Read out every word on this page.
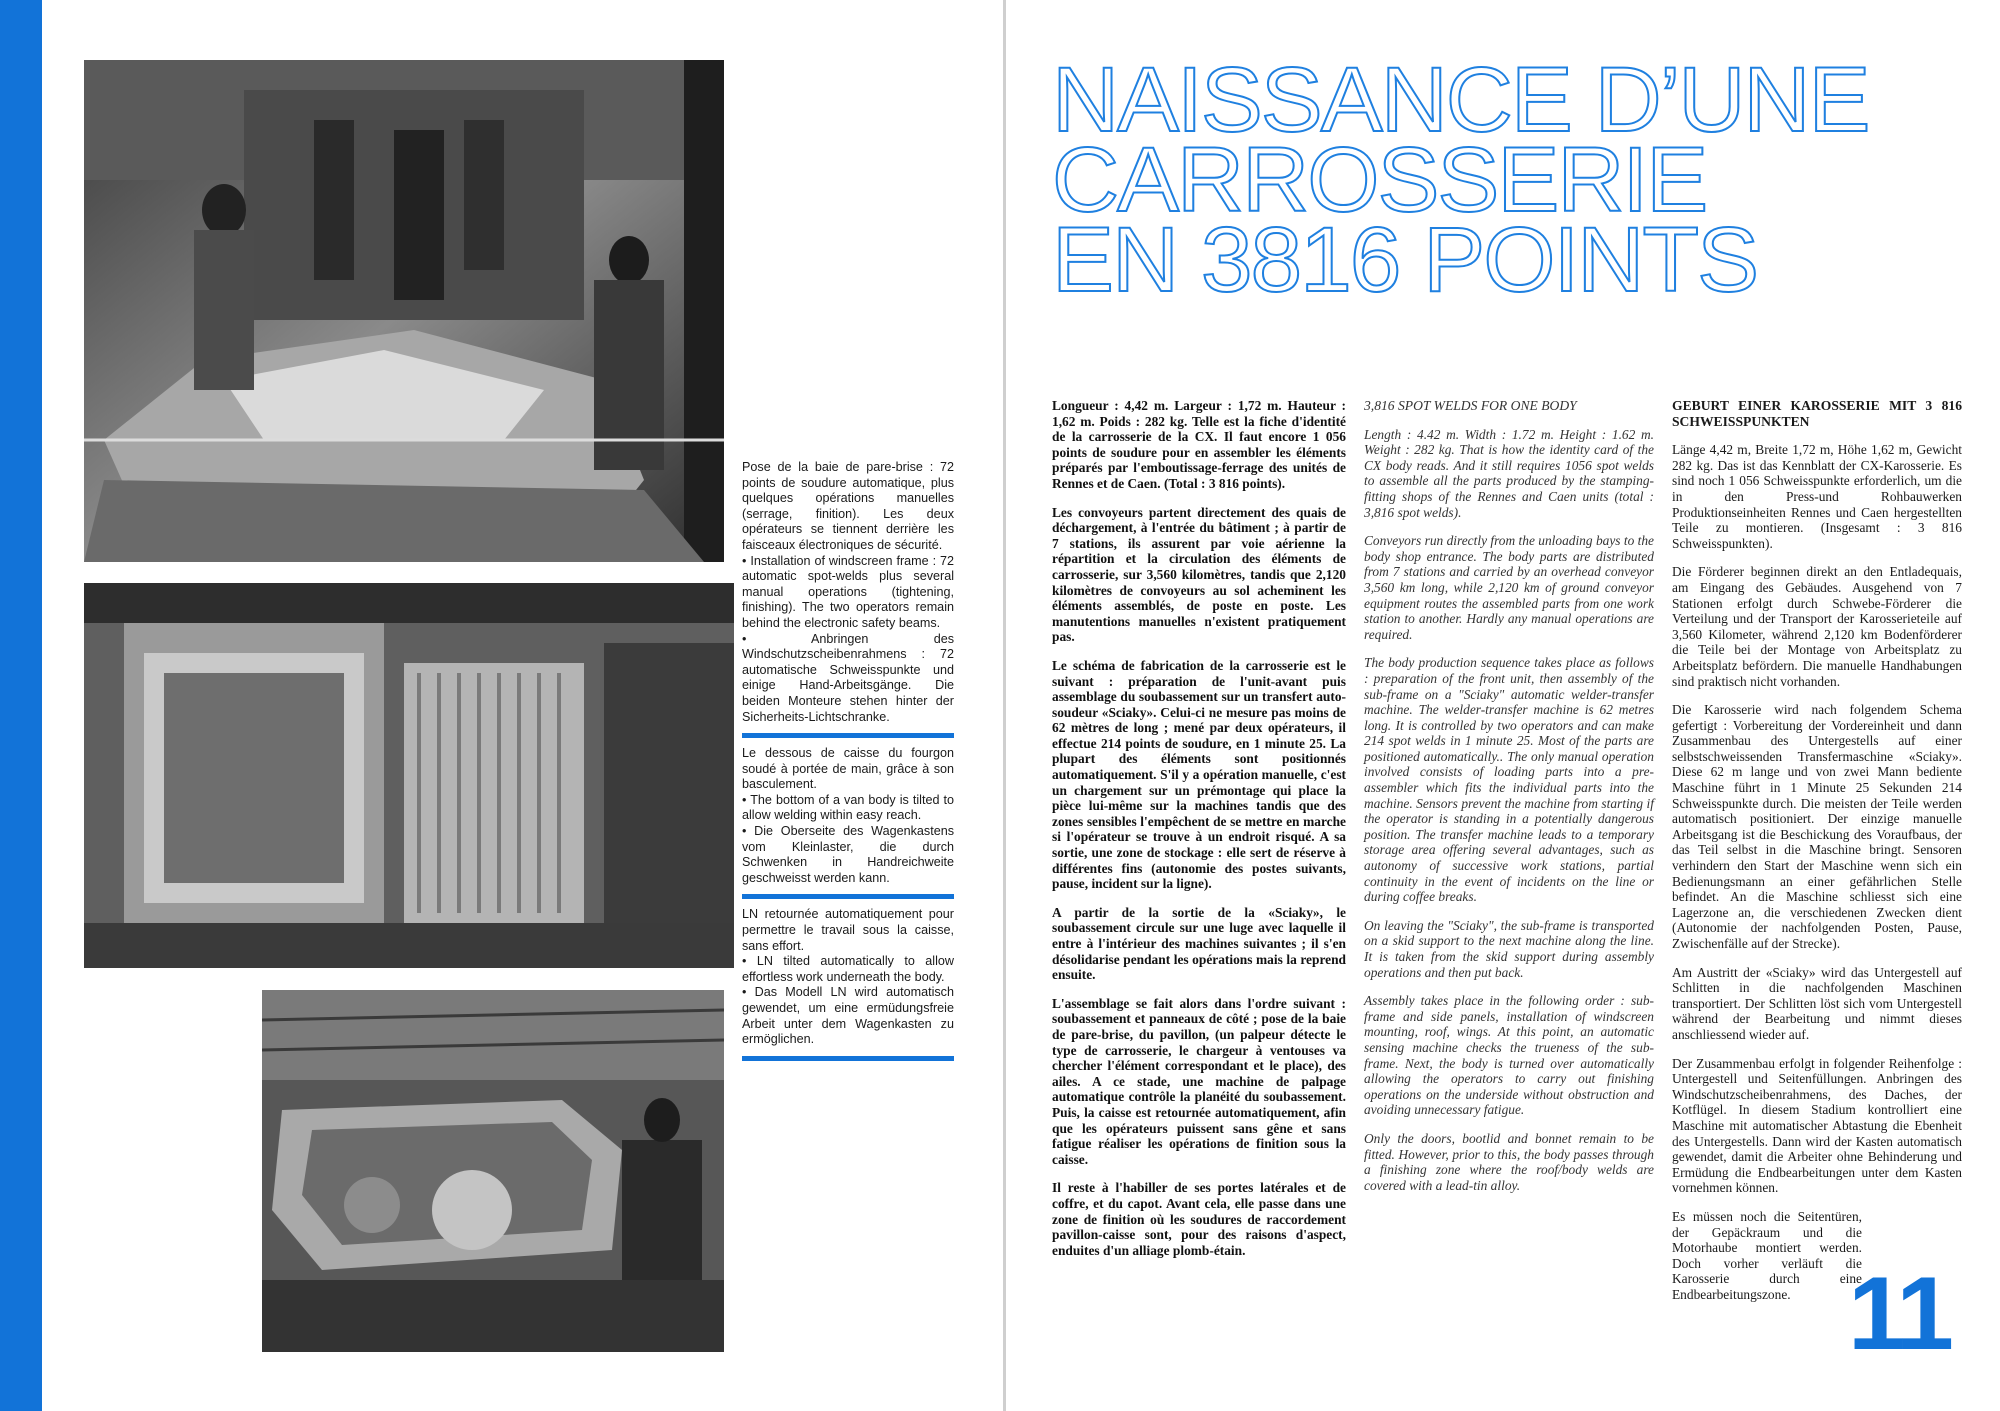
Pose de la baie de pare-brise : 72 points de soudure automatique, plus quelques opérations manuelles (serrage, finition). Les deux opérateurs se tiennent derrière les faisceaux électroniques de sécurité.

• Installation of windscreen frame : 72 automatic spot-welds plus several manual operations (tightening, finishing). The two operators remain behind the electronic safety beams.

• Anbringen des Windschutzscheibenrahmens : 72 automatische Schweisspunkte und einige Hand-Arbeitsgänge. Die beiden Monteure stehen hinter der Sicherheits-Lichtschranke.

Le dessous de caisse du fourgon soudé à portée de main, grâce à son basculement.

• The bottom of a van body is tilted to allow welding within easy reach.

• Die Oberseite des Wagenkastens vom Kleinlaster, die durch Schwenken in Handreichweite geschweisst werden kann.

LN retournée automatiquement pour permettre le travail sous la caisse, sans effort.

• LN tilted automatically to allow effortless work underneath the body.

• Das Modell LN wird automatisch gewendet, um eine ermüdungsfreie Arbeit unter dem Wagenkasten zu ermöglichen.

NAISSANCE D’UNE
CARROSSERIE
EN 3816 POINTS

Longueur : 4,42 m. Largeur : 1,72 m. Hauteur : 1,62 m. Poids : 282 kg. Telle est la fiche d'identité de la carrosserie de la CX. Il faut encore 1 056 points de soudure pour en assembler les éléments préparés par l'emboutissage-ferrage des unités de Rennes et de Caen. (Total : 3 816 points).

Les convoyeurs partent directement des quais de déchargement, à l'entrée du bâtiment ; à partir de 7 stations, ils assurent par voie aérienne la répartition et la circulation des éléments de carrosserie, sur 3,560 kilomètres, tandis que 2,120 kilomètres de convoyeurs au sol acheminent les éléments assemblés, de poste en poste. Les manutentions manuelles n'existent pratiquement pas.

Le schéma de fabrication de la carrosserie est le suivant : préparation de l'unit-avant puis assemblage du soubassement sur un transfert auto-soudeur «Sciaky». Celui-ci ne mesure pas moins de 62 mètres de long ; mené par deux opérateurs, il effectue 214 points de soudure, en 1 minute 25. La plupart des éléments sont positionnés automatiquement. S'il y a opération manuelle, c'est un chargement sur un prémontage qui place la pièce lui-même sur la machines tandis que des zones sensibles l'empêchent de se mettre en marche si l'opérateur se trouve à un endroit risqué. A sa sortie, une zone de stockage : elle sert de réserve à différentes fins (autonomie des postes suivants, pause, incident sur la ligne).

A partir de la sortie de la «Sciaky», le soubassement circule sur une luge avec laquelle il entre à l'intérieur des machines suivantes ; il s'en désolidarise pendant les opérations mais la reprend ensuite.

L'assemblage se fait alors dans l'ordre suivant : soubassement et panneaux de côté ; pose de la baie de pare-brise, du pavillon, (un palpeur détecte le type de carrosserie, le chargeur à ventouses va chercher l'élément correspondant et le place), des ailes. A ce stade, une machine de palpage automatique contrôle la planéité du soubassement. Puis, la caisse est retournée automatiquement, afin que les opérateurs puissent sans gêne et sans fatigue réaliser les opérations de finition sous la caisse.

Il reste à l'habiller de ses portes latérales et de coffre, et du capot. Avant cela, elle passe dans une zone de finition où les soudures de raccordement pavillon-caisse sont, pour des raisons d'aspect, enduites d'un alliage plomb-étain.

3,816 SPOT WELDS FOR ONE BODY

Length : 4.42 m. Width : 1.72 m. Height : 1.62 m. Weight : 282 kg. That is how the identity card of the CX body reads. And it still requires 1056 spot welds to assemble all the parts produced by the stamping-fitting shops of the Rennes and Caen units (total : 3,816 spot welds).

Conveyors run directly from the unloading bays to the body shop entrance. The body parts are distributed from 7 stations and carried by an overhead conveyor 3,560 km long, while 2,120 km of ground conveyor equipment routes the assembled parts from one work station to another. Hardly any manual operations are required.

The body production sequence takes place as follows : preparation of the front unit, then assembly of the sub-frame on a "Sciaky" automatic welder-transfer machine. The welder-transfer machine is 62 metres long. It is controlled by two operators and can make 214 spot welds in 1 minute 25. Most of the parts are positioned automatically.. The only manual operation involved consists of loading parts into a pre-assembler which fits the individual parts into the machine. Sensors prevent the machine from starting if the operator is standing in a potentially dangerous position. The transfer machine leads to a temporary storage area offering several advantages, such as autonomy of successive work stations, partial continuity in the event of incidents on the line or during coffee breaks.

On leaving the "Sciaky", the sub-frame is transported on a skid support to the next machine along the line. It is taken from the skid support during assembly operations and then put back.

Assembly takes place in the following order : sub-frame and side panels, installation of windscreen mounting, roof, wings. At this point, an automatic sensing machine checks the trueness of the sub-frame. Next, the body is turned over automatically allowing the operators to carry out finishing operations on the underside without obstruction and avoiding unnecessary fatigue.

Only the doors, bootlid and bonnet remain to be fitted. However, prior to this, the body passes through a finishing zone where the roof/body welds are covered with a lead-tin alloy.

GEBURT EINER KAROSSERIE MIT 3 816 SCHWEISSPUNKTEN

Länge 4,42 m, Breite 1,72 m, Höhe 1,62 m, Gewicht 282 kg. Das ist das Kennblatt der CX-Karosserie. Es sind noch 1 056 Schweisspunkte erforderlich, um die in den Press-und Rohbauwerken Produktionseinheiten Rennes und Caen hergestellten Teile zu montieren. (Insgesamt : 3 816 Schweisspunkten).

Die Förderer beginnen direkt an den Entladequais, am Eingang des Gebäudes. Ausgehend von 7 Stationen erfolgt durch Schwebe-Förderer die Verteilung und der Transport der Karosserieteile auf 3,560 Kilometer, während 2,120 km Bodenförderer die Teile bei der Montage von Arbeitsplatz zu Arbeitsplatz befördern. Die manuelle Handhabungen sind praktisch nicht vorhanden.

Die Karosserie wird nach folgendem Schema gefertigt : Vorbereitung der Vordereinheit und dann Zusammenbau des Untergestells auf einer selbstschweissenden Transfermaschine «Sciaky». Diese 62 m lange und von zwei Mann bediente Maschine führt in 1 Minute 25 Sekunden 214 Schweisspunkte durch. Die meisten der Teile werden automatisch positioniert. Der einzige manuelle Arbeitsgang ist die Beschickung des Voraufbaus, der das Teil selbst in die Maschine bringt. Sensoren verhindern den Start der Maschine wenn sich ein Bedienungsmann an einer gefährlichen Stelle befindet. An die Maschine schliesst sich eine Lagerzone an, die verschiedenen Zwecken dient (Autonomie der nachfolgenden Posten, Pause, Zwischenfälle auf der Strecke).

Am Austritt der «Sciaky» wird das Untergestell auf Schlitten in die nachfolgenden Maschinen transportiert. Der Schlitten löst sich vom Untergestell während der Bearbeitung und nimmt dieses anschliessend wieder auf.

Der Zusammenbau erfolgt in folgender Reihenfolge : Untergestell und Seitenfüllungen. Anbringen des Windschutzscheibenrahmens, des Daches, der Kotflügel. In diesem Stadium kontrolliert eine Maschine mit automatischer Abtastung die Ebenheit des Untergestells. Dann wird der Kasten automatisch gewendet, damit die Arbeiter ohne Behinderung und Ermüdung die Endbearbeitungen unter dem Kasten vornehmen können.

Es müssen noch die Seitentüren, der Gepäckraum und die Motorhaube montiert werden. Doch vorher verläuft die Karosserie durch eine Endbearbeitungszone. 11
